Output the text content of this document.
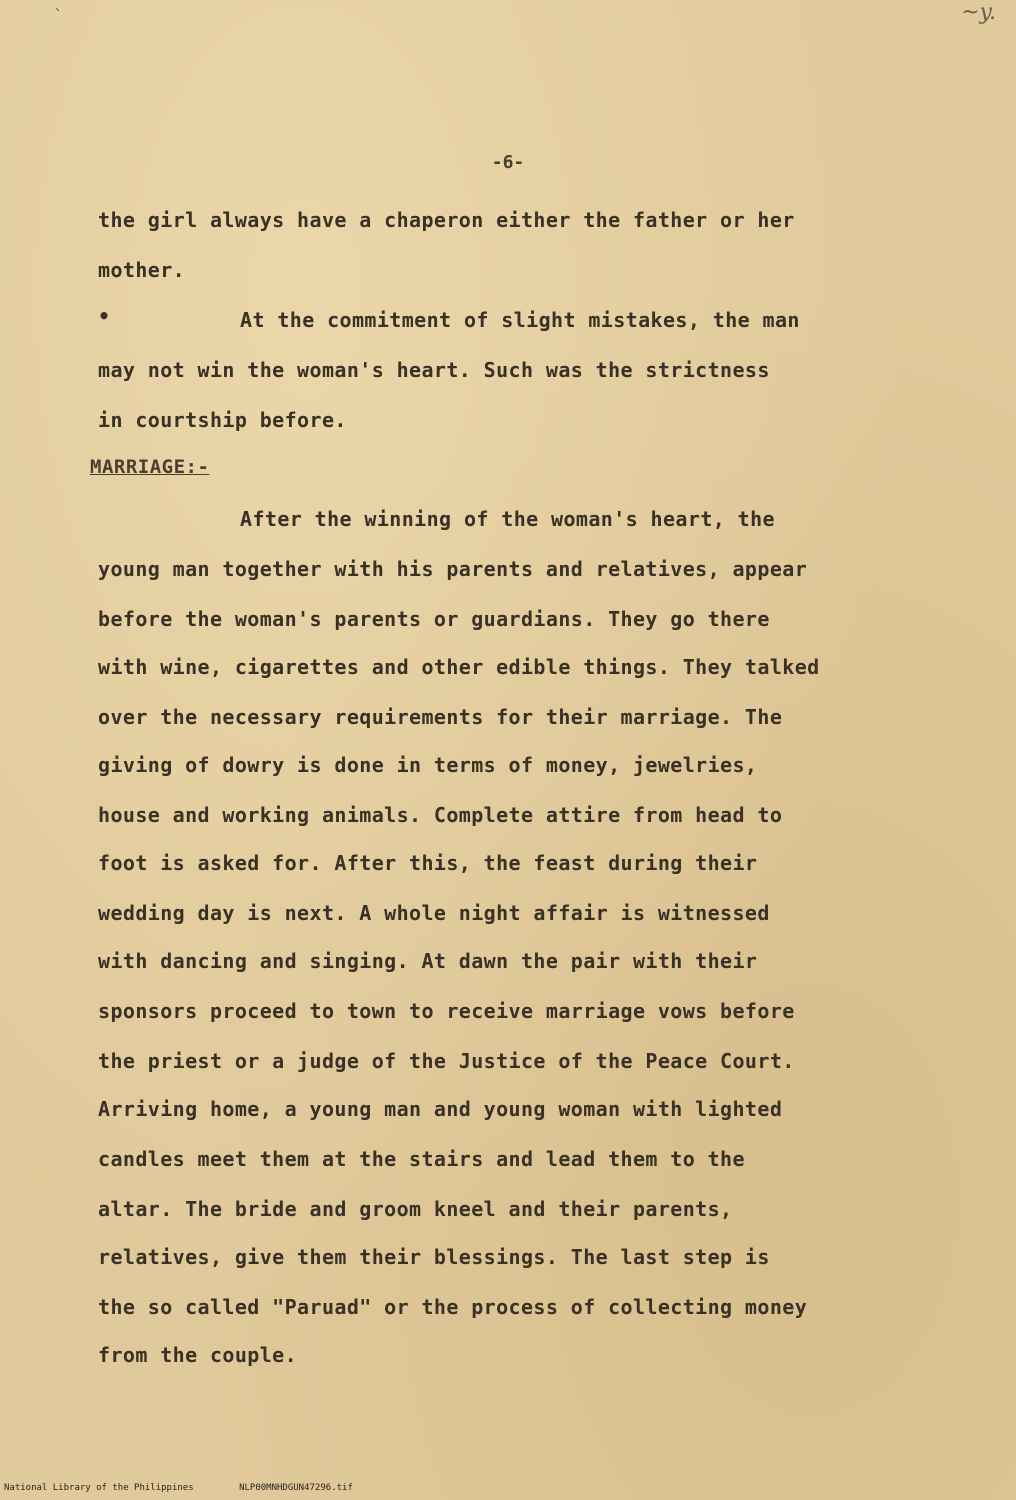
`	~y.
-6-
the girl always have a chaperon either the father or her
mother.
•	At the commitment of slight mistakes, the man
may not win the woman's heart. Such was the strictness
in courtship before.
MARRIAGE:-
After the winning of the woman's heart, the
young man together with his parents and relatives, appear
before the woman's parents or guardians. They go there
with wine, cigarettes and other edible things. They talked
over the necessary requirements for their marriage. The
giving of dowry is done in terms of money, jewelries,
house and working animals. Complete attire from head to
foot is asked for. After this, the feast during their
wedding day is next. A whole night affair is witnessed
with dancing and singing. At dawn the pair with their
sponsors proceed to town to receive marriage vows before
the priest or a judge of the Justice of the Peace Court.
Arriving home, a young man and young woman with lighted
candles meet them at the stairs and lead them to the
altar. The bride and groom kneel and their parents,
relatives, give them their blessings. The last step is
the so called "Paruad" or the process of collecting money
from the couple.
National Library of the Philippines	NLP00MNHDGUN47296.tif
